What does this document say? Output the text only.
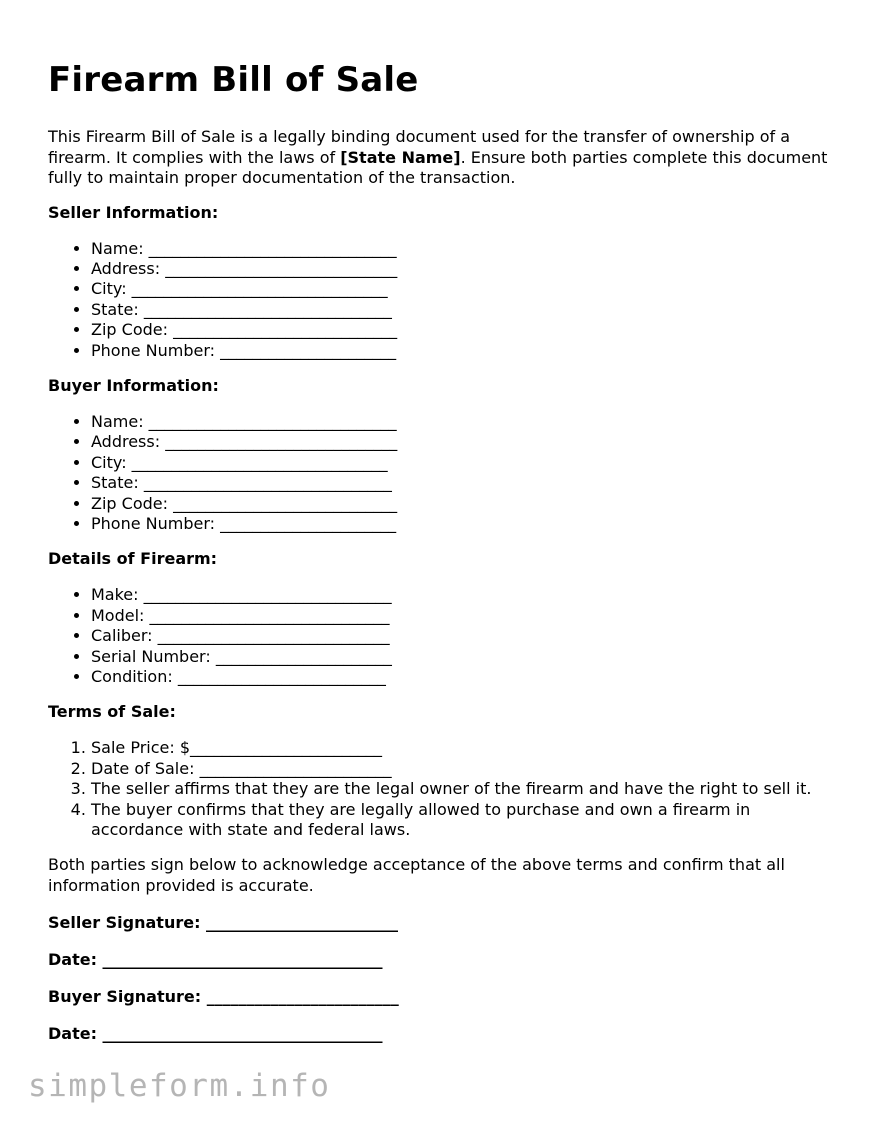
Firearm Bill of Sale

This Firearm Bill of Sale is a legally binding document used for the transfer of ownership of a firearm. It complies with the laws of [State Name]. Ensure both parties complete this document fully to maintain proper documentation of the transaction.

Seller Information:
• Name: _______________________________
• Address: _____________________________
• City: ________________________________
• State: _______________________________
• Zip Code: ____________________________
• Phone Number: ______________________
Buyer Information:
• Name: _______________________________
• Address: _____________________________
• City: ________________________________
• State: _______________________________
• Zip Code: ____________________________
• Phone Number: ______________________
Details of Firearm:
• Make: _______________________________
• Model: ______________________________
• Caliber: _____________________________
• Serial Number: ______________________
• Condition: __________________________
Terms of Sale:
1. Sale Price: $________________________
2. Date of Sale: ________________________
3. The seller affirms that they are the legal owner of the firearm and have the right to sell it.
4. The buyer confirms that they are legally allowed to purchase and own a firearm in accordance with state and federal laws.

Both parties sign below to acknowledge acceptance of the above terms and confirm that all information provided is accurate.

Seller Signature: ________________________

Date: ___________________________________

Buyer Signature: ________________________

Date: ___________________________________

simpleform.info
